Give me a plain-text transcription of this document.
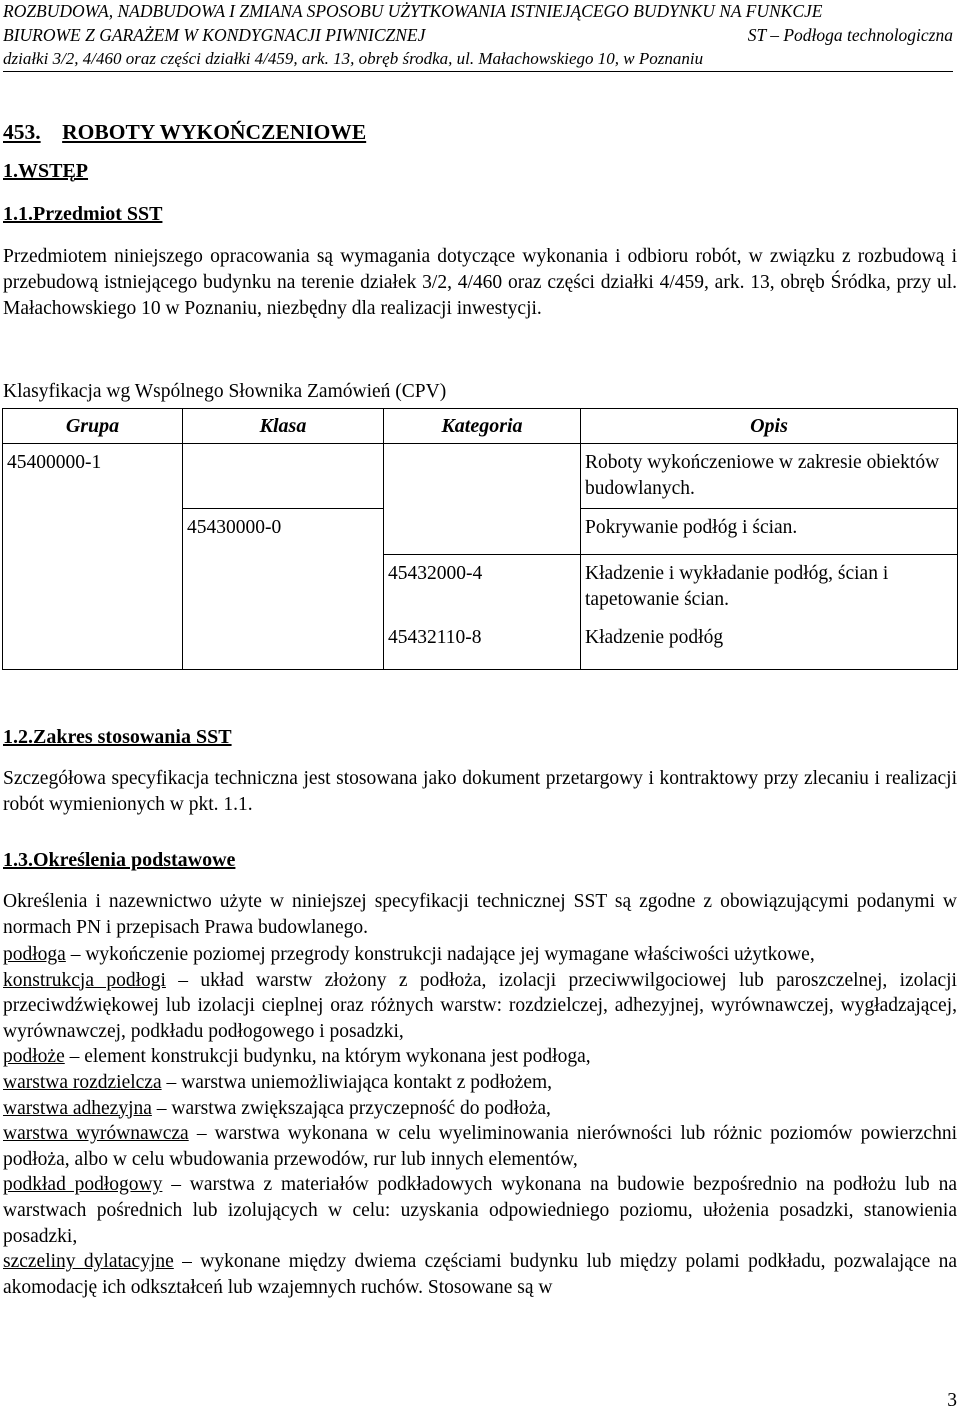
ROZBUDOWA, NADBUDOWA I ZMIANA SPOSOBU UŻYTKOWANIA ISTNIEJĄCEGO BUDYNKU NA FUNKCJE
BIUROWE Z GARAŻEM W KONDYGNACJI PIWNICZNEJ	ST – Podłoga technologiczna
działki 3/2, 4/460 oraz części działki 4/459, ark. 13, obręb środka, ul. Małachowskiego 10, w Poznaniu
453. ROBOTY WYKOŃCZENIOWE
1.WSTĘP
1.1.Przedmiot SST
Przedmiotem niniejszego opracowania są wymagania dotyczące wykonania i odbioru robót, w związku z rozbudową i przebudową istniejącego budynku na terenie działek 3/2, 4/460 oraz części działki 4/459, ark. 13, obręb Śródka, przy ul. Małachowskiego 10 w Poznaniu, niezbędny dla realizacji inwestycji.
Klasyfikacja wg Wspólnego Słownika Zamówień (CPV)
Grupa	Klasa	Kategoria	Opis
45400000-1			Roboty wykończeniowe w zakresie obiektów budowlanych.
	45430000-0		Pokrywanie podłóg i ścian.
		45432000-4	Kładzenie i wykładanie podłóg, ścian i tapetowanie ścian.
		45432110-8	Kładzenie podłóg
1.2.Zakres stosowania SST
Szczegółowa specyfikacja techniczna jest stosowana jako dokument przetargowy i kontraktowy przy zlecaniu i realizacji robót wymienionych w pkt. 1.1.
1.3.Określenia podstawowe
Określenia i nazewnictwo użyte w niniejszej specyfikacji technicznej SST są zgodne z obowiązującymi podanymi w normach PN i przepisach Prawa budowlanego.

podłoga – wykończenie poziomej przegrody konstrukcji nadające jej wymagane właściwości użytkowe,

konstrukcja podłogi – układ warstw złożony z podłoża, izolacji przeciwwilgociowej lub paroszczelnej, izolacji przeciwdźwiękowej lub izolacji cieplnej oraz różnych warstw: rozdzielczej, adhezyjnej, wyrównawczej, wygładzającej, wyrównawczej, podkładu podłogowego i posadzki,

podłoże – element konstrukcji budynku, na którym wykonana jest podłoga,

warstwa rozdzielcza – warstwa uniemożliwiająca kontakt z podłożem,

warstwa adhezyjna – warstwa zwiększająca przyczepność do podłoża,

warstwa wyrównawcza – warstwa wykonana w celu wyeliminowania nierówności lub różnic poziomów powierzchni podłoża, albo w celu wbudowania przewodów, rur lub innych elementów,

podkład podłogowy – warstwa z materiałów podkładowych wykonana na budowie bezpośrednio na podłożu lub na warstwach pośrednich lub izolujących w celu: uzyskania odpowiedniego poziomu, ułożenia posadzki, stanowienia posadzki,

szczeliny dylatacyjne – wykonane między dwiema częściami budynku lub między polami podkładu, pozwalające na akomodację ich odkształceń lub wzajemnych ruchów. Stosowane są w

3
